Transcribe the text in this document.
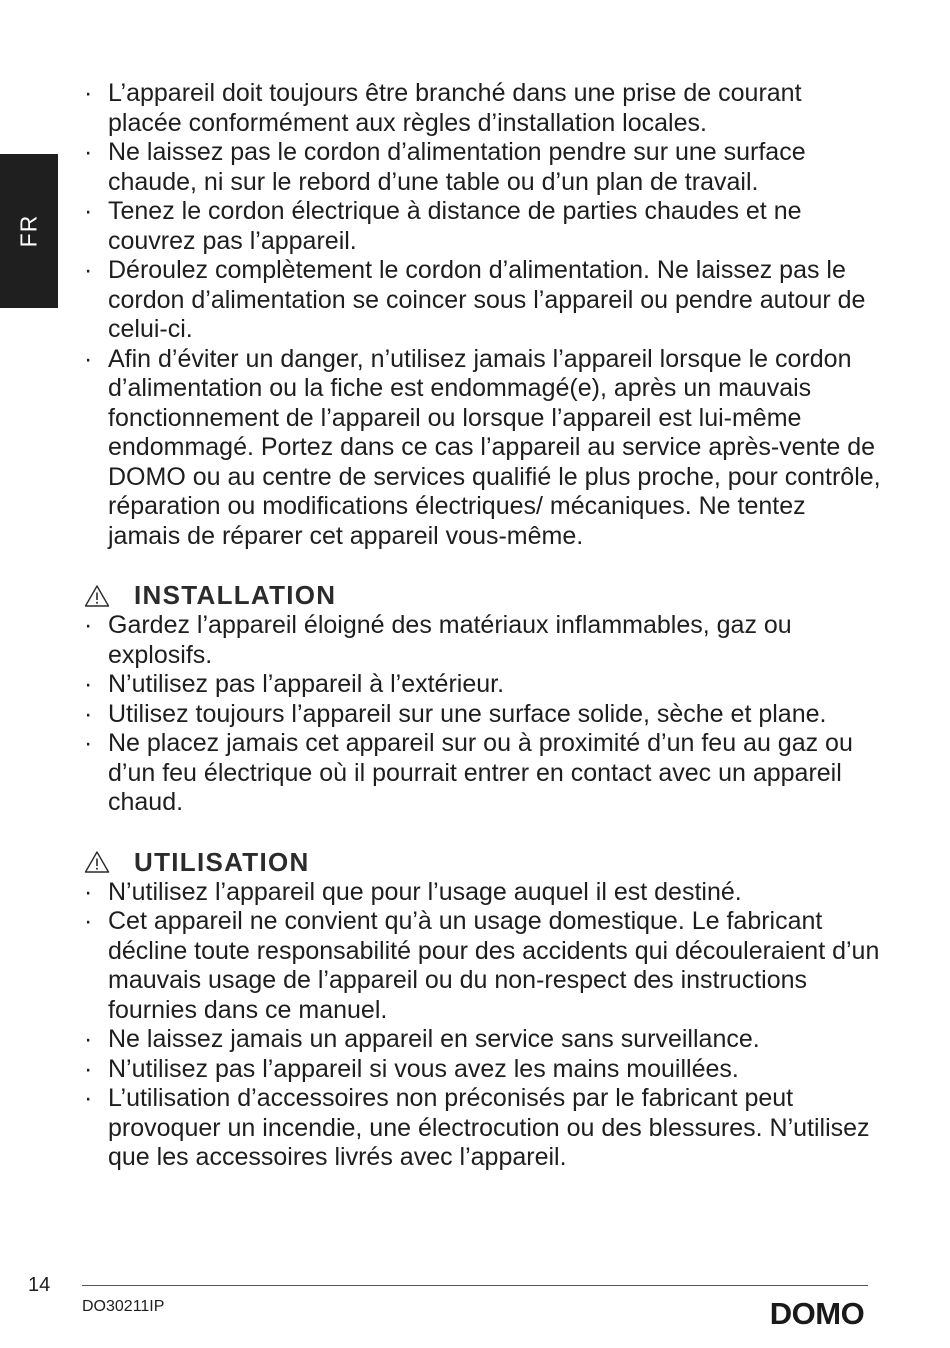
FR
· L’appareil doit toujours être branché dans une prise de courant placée conformément aux règles d’installation locales.
· Ne laissez pas le cordon d’alimentation pendre sur une surface chaude, ni sur le rebord d’une table ou d’un plan de travail.
· Tenez le cordon électrique à distance de parties chaudes et ne couvrez pas l’appareil.
· Déroulez complètement le cordon d’alimentation. Ne laissez pas le cordon d’alimentation se coincer sous l’appareil ou pendre autour de celui-ci.
· Afin d’éviter un danger, n’utilisez jamais l’appareil lorsque le cordon d’alimentation ou la fiche est endommagé(e), après un mauvais fonctionnement de l’appareil ou lorsque l’appareil est lui-même endommagé. Portez dans ce cas l’appareil au service après-vente de DOMO ou au centre de services qualifié le plus proche, pour contrôle, réparation ou modifications électriques/ mécaniques. Ne tentez jamais de réparer cet appareil vous-même.
INSTALLATION
· Gardez l’appareil éloigné des matériaux inflammables, gaz ou explosifs.
· N’utilisez pas l’appareil à l’extérieur.
· Utilisez toujours l’appareil sur une surface solide, sèche et plane.
· Ne placez jamais cet appareil sur ou à proximité d’un feu au gaz ou d’un feu électrique où il pourrait entrer en contact avec un appareil chaud.
UTILISATION
· N’utilisez l’appareil que pour l’usage auquel il est destiné.
· Cet appareil ne convient qu’à un usage domestique. Le fabricant décline toute responsabilité pour des accidents qui découleraient d’un mauvais usage de l’appareil ou du non-respect des instructions fournies dans ce manuel.
· Ne laissez jamais un appareil en service sans surveillance.
· N’utilisez pas l’appareil si vous avez les mains mouillées.
· L’utilisation d’accessoires non préconisés par le fabricant peut provoquer un incendie, une électrocution ou des blessures. N’utilisez que les accessoires livrés avec l’appareil.
14
DO30211IP	DOMO
